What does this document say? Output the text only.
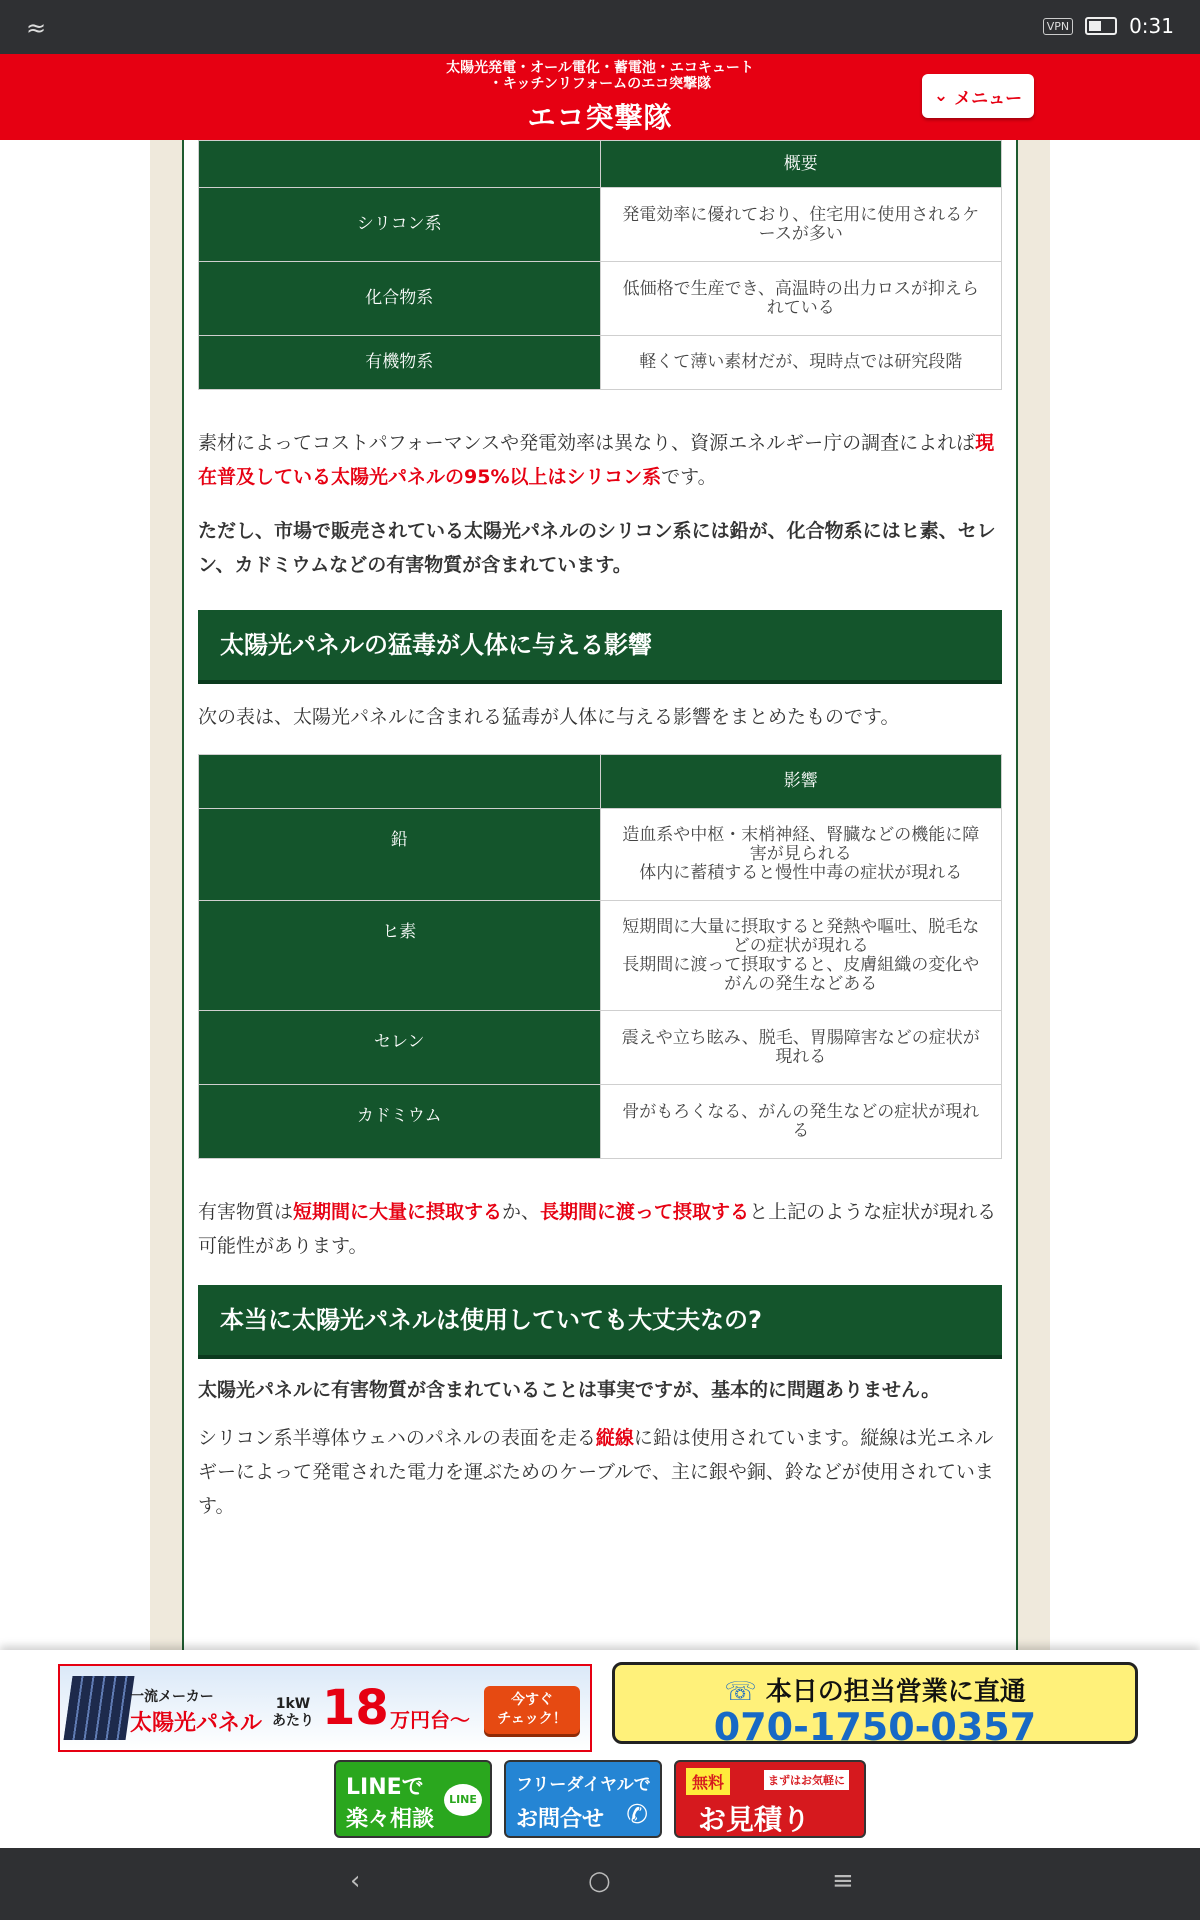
≈	VPN	0:31
太陽光発電・オール電化・蓄電池・エコキュート
・キッチンリフォームのエコ突撃隊
エコ突撃隊
⌄ メニュー
	概要
シリコン系	発電効率に優れており、住宅用に使用されるケースが多い
化合物系	低価格で生産でき、高温時の出力ロスが抑えられている
有機物系	軽くて薄い素材だが、現時点では研究段階

素材によってコストパフォーマンスや発電効率は異なり、資源エネルギー庁の調査によれば現在普及している太陽光パネルの95%以上はシリコン系です。

ただし、市場で販売されている太陽光パネルのシリコン系には鉛が、化合物系にはヒ素、セレン、カドミウムなどの有害物質が含まれています。

太陽光パネルの猛毒が人体に与える影響

次の表は、太陽光パネルに含まれる猛毒が人体に与える影響をまとめたものです。

	影響
鉛	造血系や中枢・末梢神経、腎臓などの機能に障害が見られる
体内に蓄積すると慢性中毒の症状が現れる

ヒ素	短期間に大量に摂取すると発熱や嘔吐、脱毛などの症状が現れる
長期間に渡って摂取すると、皮膚組織の変化やがんの発生などある

セレン	震えや立ち眩み、脱毛、胃腸障害などの症状が現れる
カドミウム	骨がもろくなる、がんの発生などの症状が現れる

有害物質は短期間に大量に摂取するか、長期間に渡って摂取すると上記のような症状が現れる可能性があります。

本当に太陽光パネルは使用していても大丈夫なの?

太陽光パネルに有害物質が含まれていることは事実ですが、基本的に問題ありません。

シリコン系半導体ウェハのパネルの表面を走る縦線に鉛は使用されています。縦線は光エネルギーによって発電された電力を運ぶためのケーブルで、主に銀や銅、鈴などが使用されています。

一流メーカー
太陽光パネル
1kW
あたり 18 万円台〜
今すぐ
チェック！
☏ 本日の担当営業に直通
070-1750-0357
LINEで
楽々相談
LINE
フリーダイヤルで
お問合せ ✆
無料	まずはお気軽に
お見積り
‹	○	≡
